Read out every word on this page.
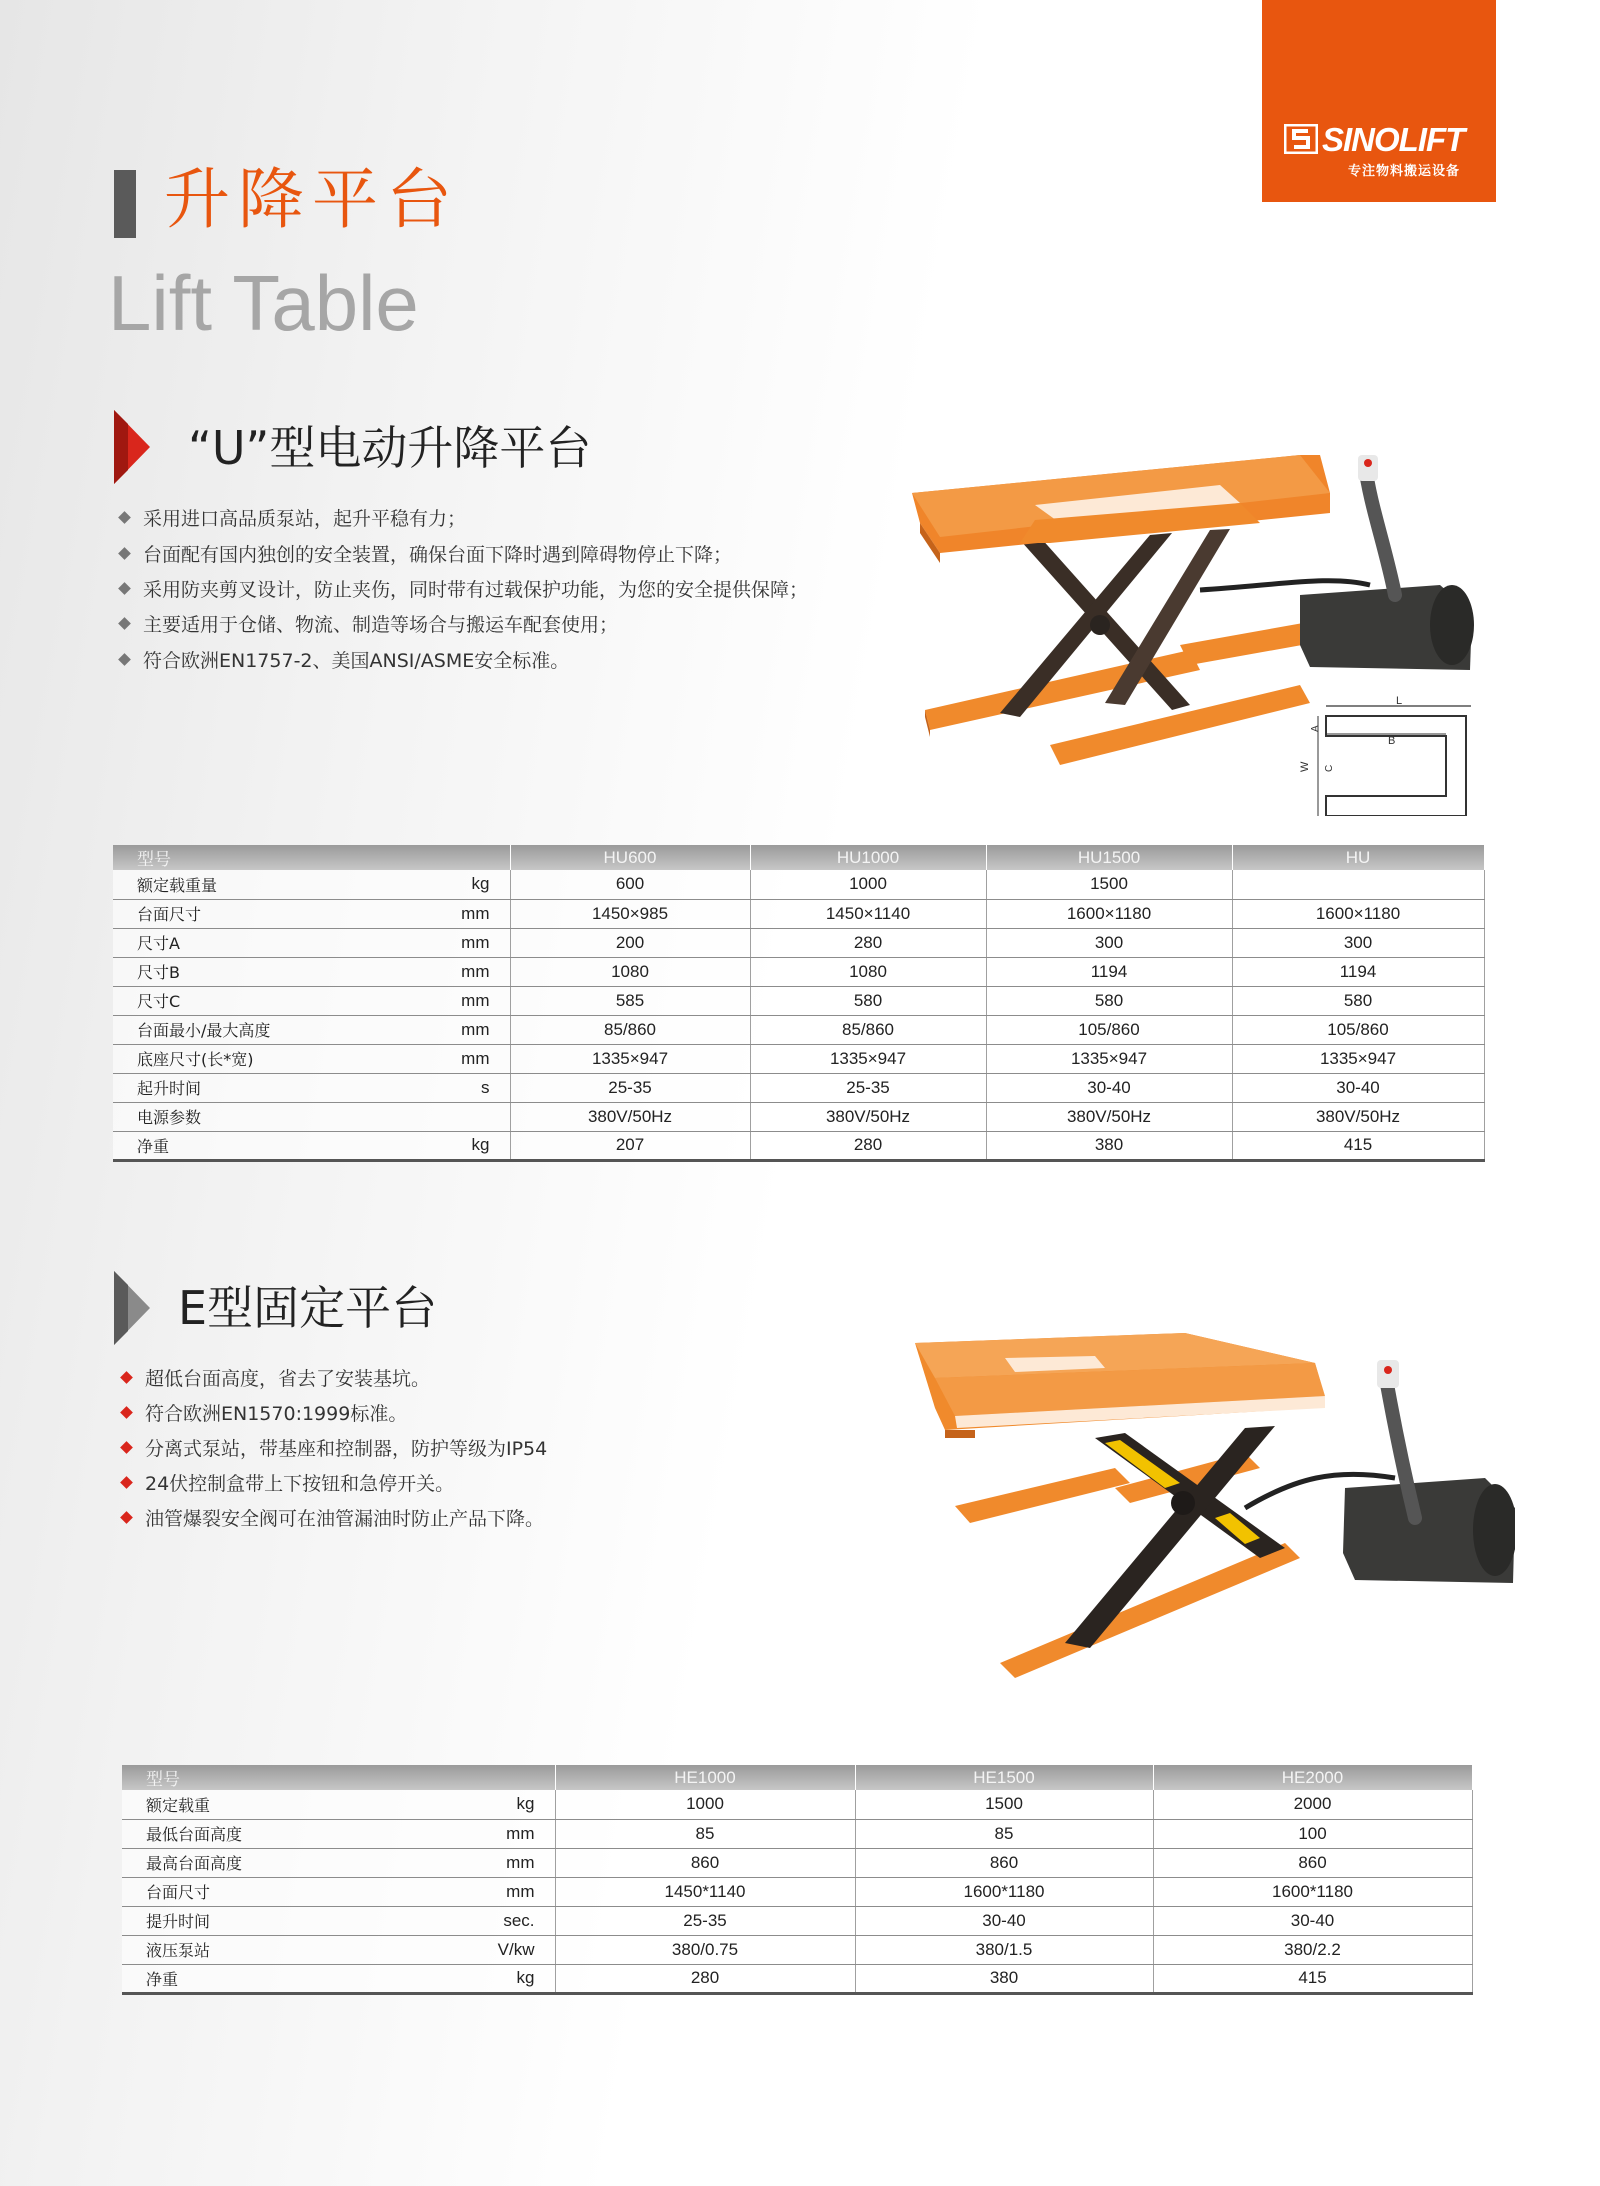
SINOLIFT
专注物料搬运设备
升降平台
Lift Table
“U”型电动升降平台
采用进口高品质泵站，起升平稳有力；
台面配有国内独创的安全装置，确保台面下降时遇到障碍物停止下降；
采用防夹剪叉设计，防止夹伤，同时带有过载保护功能，为您的安全提供保障；
主要适用于仓储、物流、制造等场合与搬运车配套使用；
符合欧洲EN1757-2、美国ANSI/ASME安全标准。
L
B
W
A
C
型号		HU600	HU1000	HU1500	HU
额定载重量	kg	600	1000	1500	
台面尺寸	mm	1450×985	1450×1140	1600×1180	1600×1180
尺寸A	mm	200	280	300	300
尺寸B	mm	1080	1080	1194	1194
尺寸C	mm	585	580	580	580
台面最小/最大高度	mm	85/860	85/860	105/860	105/860
底座尺寸(长*宽)	mm	1335×947	1335×947	1335×947	1335×947
起升时间	s	25-35	25-35	30-40	30-40
电源参数		380V/50Hz	380V/50Hz	380V/50Hz	380V/50Hz
净重	kg	207	280	380	415
E型固定平台
超低台面高度，省去了安装基坑。
符合欧洲EN1570:1999标准。
分离式泵站，带基座和控制器，防护等级为IP54
24伏控制盒带上下按钮和急停开关。
油管爆裂安全阀可在油管漏油时防止产品下降。
型号		HE1000	HE1500	HE2000
额定载重	kg	1000	1500	2000
最低台面高度	mm	85	85	100
最高台面高度	mm	860	860	860
台面尺寸	mm	1450*1140	1600*1180	1600*1180
提升时间	sec.	25-35	30-40	30-40
液压泵站	V/kw	380/0.75	380/1.5	380/2.2
净重	kg	280	380	415
